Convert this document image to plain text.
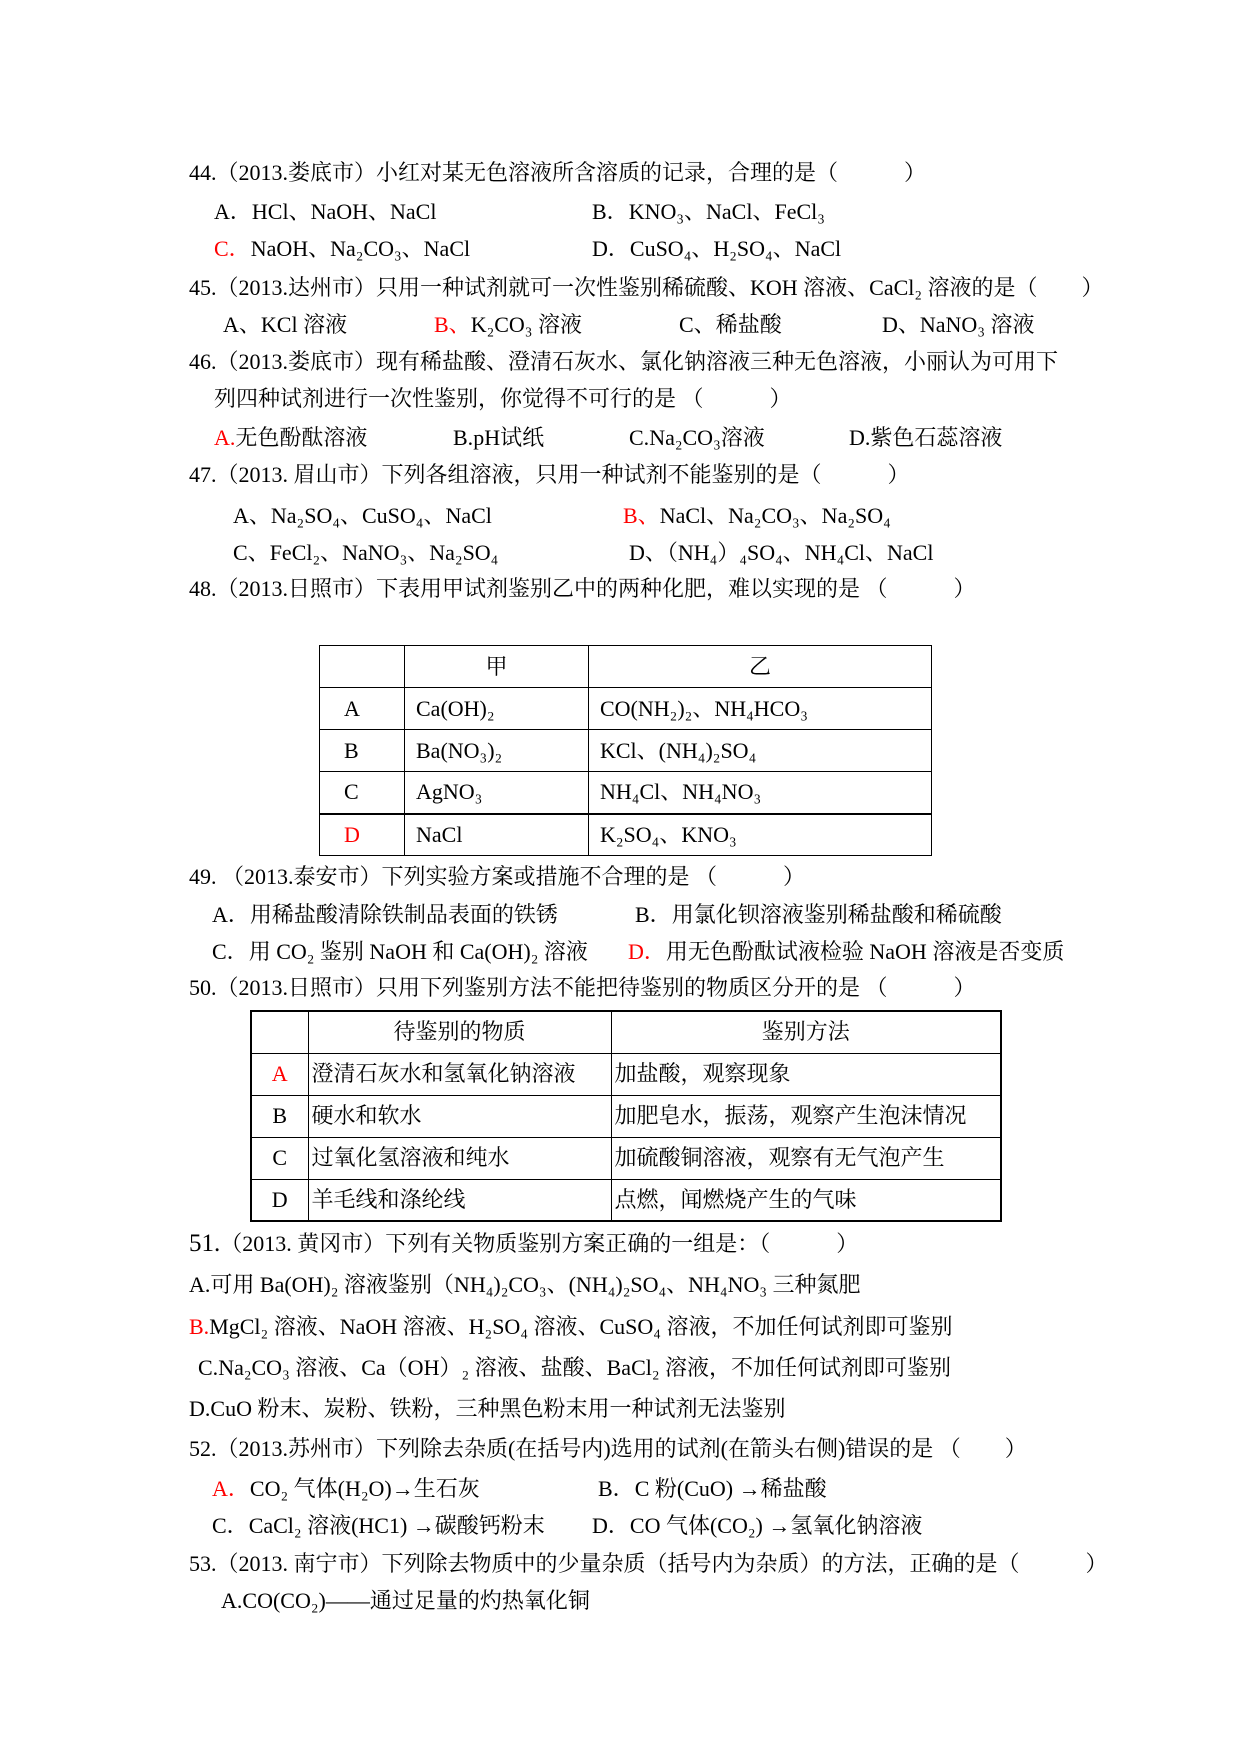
44.（2013.娄底市）小红对某无色溶液所含溶质的记录，合理的是（　　　）
A．HCl、NaOH、NaCl	B．KNO₃、NaCl、FeCl₃
C．NaOH、Na₂CO₃、NaCl	D．CuSO₄、H₂SO₄、NaCl
45.（2013.达州市）只用一种试剂就可一次性鉴别稀硫酸、KOH 溶液、CaCl₂ 溶液的是（　　）
A、KCl 溶液	B、K₂CO₃ 溶液	C、稀盐酸	D、NaNO₃ 溶液
46.（2013.娄底市）现有稀盐酸、澄清石灰水、氯化钠溶液三种无色溶液，小丽认为可用下
列四种试剂进行一次性鉴别，你觉得不可行的是 （　　　）
A.无色酚酞溶液	B.pH试纸	C.Na₂CO₃溶液	D.紫色石蕊溶液
47.（2013. 眉山市）下列各组溶液，只用一种试剂不能鉴别的是（　　　）
A、Na₂SO₄、CuSO₄、NaCl	B、NaCl、Na₂CO₃、Na₂SO₄
C、FeCl₂、NaNO₃、Na₂SO₄	D、（NH₄）₄SO₄、NH₄Cl、NaCl
48.（2013.日照市）下表用甲试剂鉴别乙中的两种化肥，难以实现的是 （　　　）
	甲	乙
A	Ca(OH)₂	CO(NH₂)₂、NH₄HCO₃
B	Ba(NO₃)₂	KCl、(NH₄)₂SO₄
C	AgNO₃	NH₄Cl、NH₄NO₃
D	NaCl	K₂SO₄、KNO₃
49. （2013.泰安市）下列实验方案或措施不合理的是 （　　　）
A．用稀盐酸清除铁制品表面的铁锈	B．用氯化钡溶液鉴别稀盐酸和稀硫酸
C．用 CO₂ 鉴别 NaOH 和 Ca(OH)₂ 溶液 D．用无色酚酞试液检验 NaOH 溶液是否变质
50.（2013.日照市）只用下列鉴别方法不能把待鉴别的物质区分开的是 （　　　）
	待鉴别的物质	鉴别方法
A	澄清石灰水和氢氧化钠溶液	加盐酸，观察现象
B	硬水和软水	加肥皂水，振荡，观察产生泡沫情况
C	过氧化氢溶液和纯水	加硫酸铜溶液，观察有无气泡产生
D	羊毛线和涤纶线	点燃，闻燃烧产生的气味
51.（2013. 黄冈市）下列有关物质鉴别方案正确的一组是：（　　　）
A.可用 Ba(OH)₂ 溶液鉴别（NH₄)₂CO₃、(NH₄)₂SO₄、NH₄NO₃ 三种氮肥
B.MgCl₂ 溶液、NaOH 溶液、H₂SO₄ 溶液、CuSO₄ 溶液，不加任何试剂即可鉴别
C.Na₂CO₃ 溶液、Ca（OH）₂ 溶液、盐酸、BaCl₂ 溶液，不加任何试剂即可鉴别
D.CuO 粉末、炭粉、铁粉，三种黑色粉末用一种试剂无法鉴别
52.（2013.苏州市）下列除去杂质(在括号内)选用的试剂(在箭头右侧)错误的是 （　　）
A．CO₂ 气体(H₂O)→生石灰	B．C 粉(CuO) →稀盐酸
C．CaCl₂ 溶液(HC1) →碳酸钙粉末 D．CO 气体(CO₂) →氢氧化钠溶液
53.（2013. 南宁市）下列除去物质中的少量杂质（括号内为杂质）的方法，正确的是（　　　）
A.CO(CO₂)——通过足量的灼热氧化铜
